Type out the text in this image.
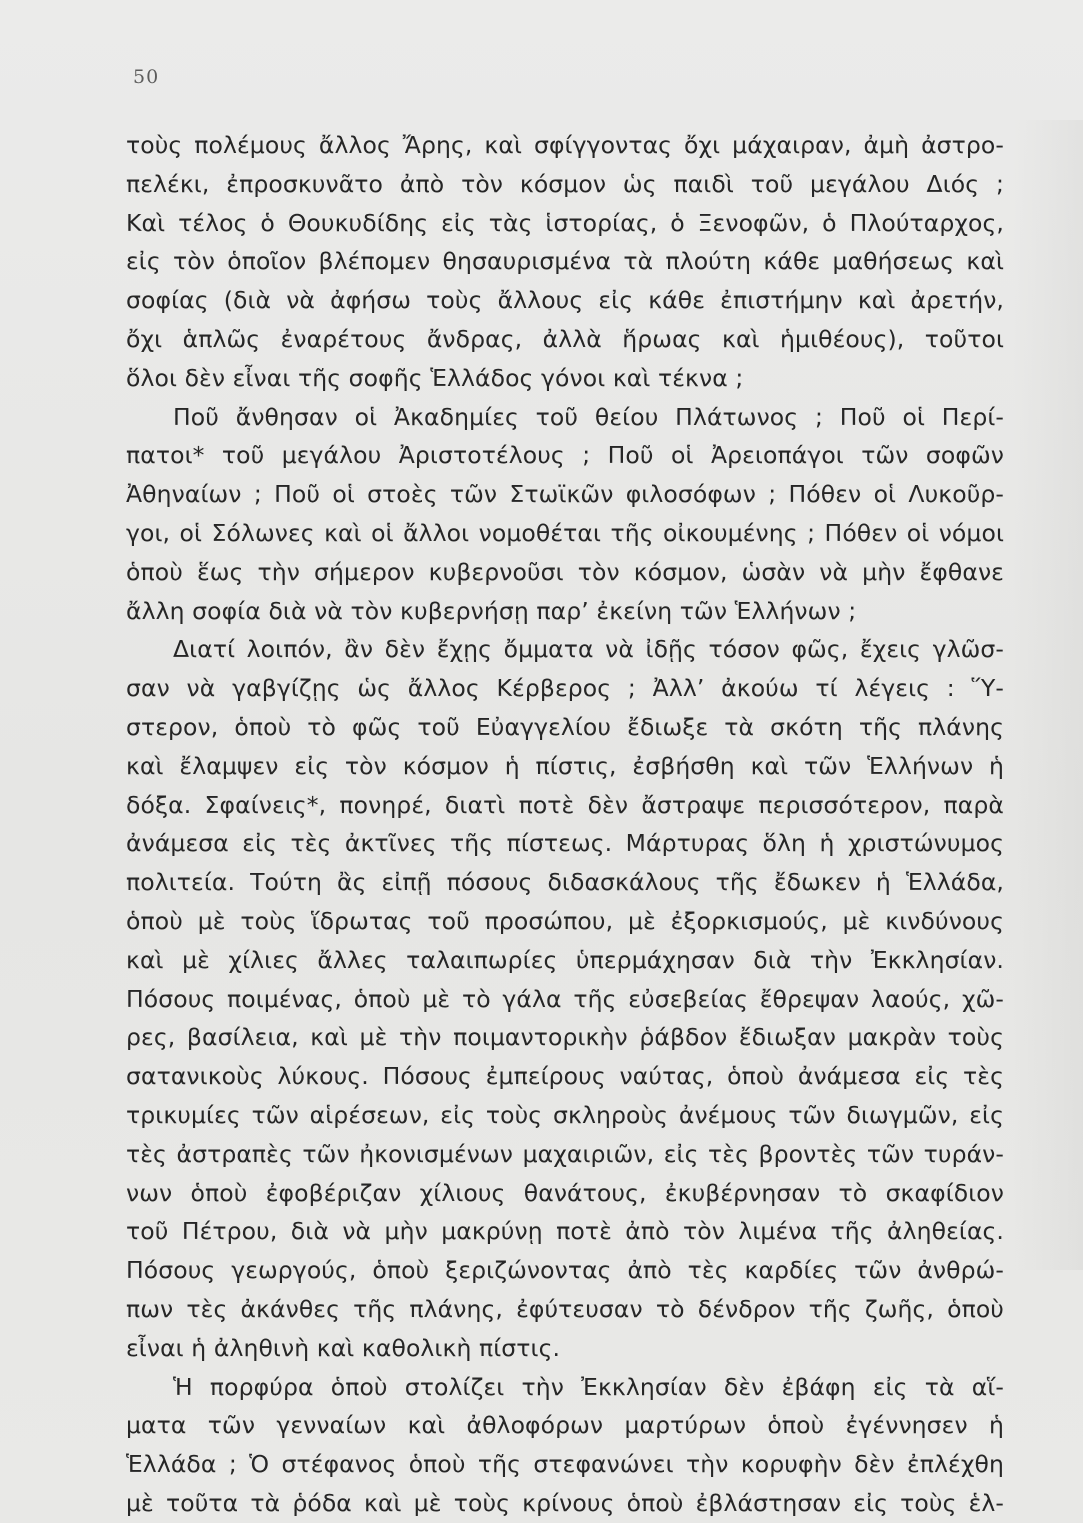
50
τοὺς πολέμους ἄλλος Ἄρης, καὶ σφίγγοντας ὄχι μάχαιραν, ἀμὴ ἀστρο-
πελέκι, ἐπροσκυνᾶτο ἀπὸ τὸν κόσμον ὡς παιδὶ τοῦ μεγάλου Διός ;
Καὶ τέλος ὁ Θουκυδίδης εἰς τὰς ἱστορίας, ὁ Ξενοφῶν, ὁ Πλούταρχος,
εἰς τὸν ὁποῖον βλέπομεν θησαυρισμένα τὰ πλούτη κάθε μαθήσεως καὶ
σοφίας (διὰ νὰ ἀφήσω τοὺς ἄλλους εἰς κάθε ἐπιστήμην καὶ ἀρετήν,
ὄχι ἁπλῶς ἐναρέτους ἄνδρας, ἀλλὰ ἥρωας καὶ ἡμιθέους), τοῦτοι
ὅλοι δὲν εἶναι τῆς σοφῆς Ἑλλάδος γόνοι καὶ τέκνα ;
Ποῦ ἄνθησαν οἱ Ἀκαδημίες τοῦ θείου Πλάτωνος ; Ποῦ οἱ Περί-
πατοι* τοῦ μεγάλου Ἀριστοτέλους ; Ποῦ οἱ Ἀρειοπάγοι τῶν σοφῶν
Ἀθηναίων ; Ποῦ οἱ στοὲς τῶν Στωϊκῶν φιλοσόφων ; Πόθεν οἱ Λυκοῦρ-
γοι, οἱ Σόλωνες καὶ οἱ ἄλλοι νομοθέται τῆς οἰκουμένης ; Πόθεν οἱ νόμοι
ὁποὺ ἕως τὴν σήμερον κυβερνοῦσι τὸν κόσμον, ὡσὰν νὰ μὴν ἔφθανε
ἄλλη σοφία διὰ νὰ τὸν κυβερνήσῃ παρ’ ἐκείνη τῶν Ἑλλήνων ;
Διατί λοιπόν, ἂν δὲν ἔχῃς ὄμματα νὰ ἰδῇς τόσον φῶς, ἔχεις γλῶσ-
σαν νὰ γαβγίζῃς ὡς ἄλλος Κέρβερος ; Ἀλλ’ ἀκούω τί λέγεις : Ὕ-
στερον, ὁποὺ τὸ φῶς τοῦ Εὐαγγελίου ἔδιωξε τὰ σκότη τῆς πλάνης
καὶ ἔλαμψεν εἰς τὸν κόσμον ἡ πίστις, ἐσβήσθη καὶ τῶν Ἑλλήνων ἡ
δόξα. Σφαίνεις*, πονηρέ, διατὶ ποτὲ δὲν ἄστραψε περισσότερον, παρὰ
ἀνάμεσα εἰς τὲς ἀκτῖνες τῆς πίστεως. Μάρτυρας ὅλη ἡ χριστώνυμος
πολιτεία. Τούτη ἂς εἰπῇ πόσους διδασκάλους τῆς ἔδωκεν ἡ Ἑλλάδα,
ὁποὺ μὲ τοὺς ἵδρωτας τοῦ προσώπου, μὲ ἐξορκισμούς, μὲ κινδύνους
καὶ μὲ χίλιες ἄλλες ταλαιπωρίες ὑπερμάχησαν διὰ τὴν Ἐκκλησίαν.
Πόσους ποιμένας, ὁποὺ μὲ τὸ γάλα τῆς εὐσεβείας ἔθρεψαν λαούς, χῶ-
ρες, βασίλεια, καὶ μὲ τὴν ποιμαντορικὴν ῥάβδον ἔδιωξαν μακρὰν τοὺς
σατανικοὺς λύκους. Πόσους ἐμπείρους ναύτας, ὁποὺ ἀνάμεσα εἰς τὲς
τρικυμίες τῶν αἱρέσεων, εἰς τοὺς σκληροὺς ἀνέμους τῶν διωγμῶν, εἰς
τὲς ἀστραπὲς τῶν ἠκονισμένων μαχαιριῶν, εἰς τὲς βροντὲς τῶν τυράν-
νων ὁποὺ ἐφοβέριζαν χίλιους θανάτους, ἐκυβέρνησαν τὸ σκαφίδιον
τοῦ Πέτρου, διὰ νὰ μὴν μακρύνῃ ποτὲ ἀπὸ τὸν λιμένα τῆς ἀληθείας.
Πόσους γεωργούς, ὁποὺ ξεριζώνοντας ἀπὸ τὲς καρδίες τῶν ἀνθρώ-
πων τὲς ἀκάνθες τῆς πλάνης, ἐφύτευσαν τὸ δένδρον τῆς ζωῆς, ὁποὺ
εἶναι ἡ ἀληθινὴ καὶ καθολικὴ πίστις.
Ἡ πορφύρα ὁποὺ στολίζει τὴν Ἐκκλησίαν δὲν ἐβάφη εἰς τὰ αἵ-
ματα τῶν γενναίων καὶ ἀθλοφόρων μαρτύρων ὁποὺ ἐγέννησεν ἡ
Ἑλλάδα ; Ὁ στέφανος ὁποὺ τῆς στεφανώνει τὴν κορυφὴν δὲν ἐπλέχθη
μὲ τοῦτα τὰ ῥόδα καὶ μὲ τοὺς κρίνους ὁποὺ ἐβλάστησαν εἰς τοὺς ἑλ-
